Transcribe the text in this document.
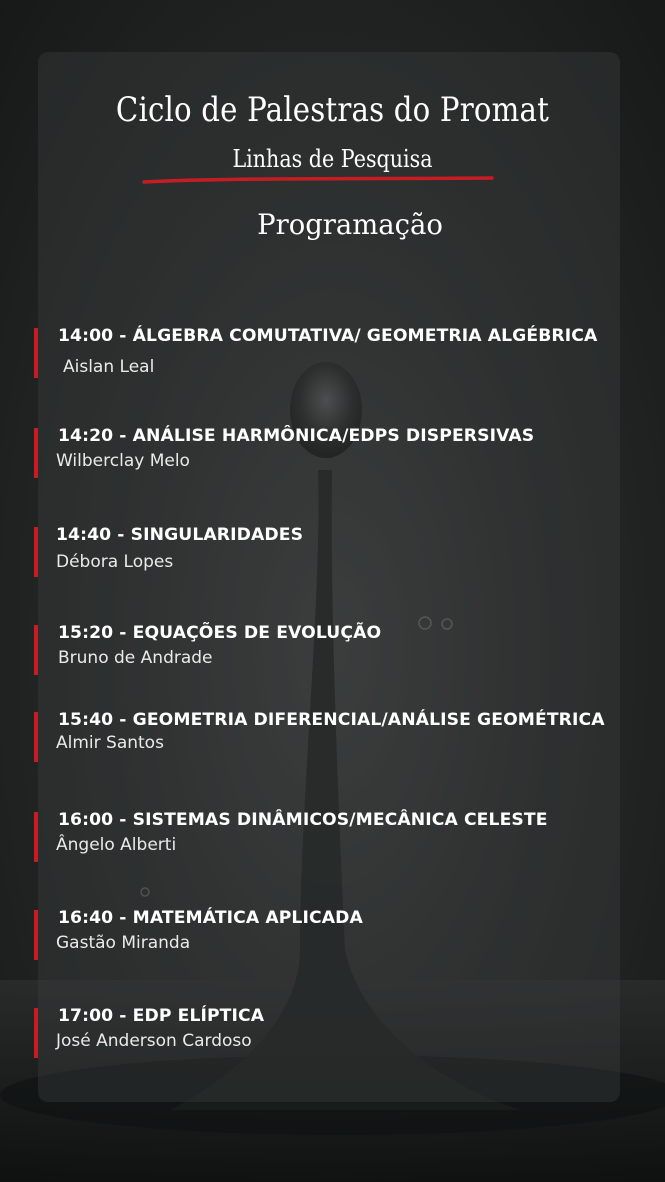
Ciclo de Palestras do Promat
Linhas de Pesquisa
Programação
14:00 - ÁLGEBRA COMUTATIVA/ GEOMETRIA ALGÉBRICA
Aislan Leal
14:20 - ANÁLISE HARMÔNICA/EDPS DISPERSIVAS
Wilberclay Melo
14:40 - SINGULARIDADES
Débora Lopes
15:20 - EQUAÇÕES DE EVOLUÇÃO
Bruno de Andrade
15:40 - GEOMETRIA DIFERENCIAL/ANÁLISE GEOMÉTRICA
Almir Santos
16:00 - SISTEMAS DINÂMICOS/MECÂNICA CELESTE
Ângelo Alberti
16:40 - MATEMÁTICA APLICADA
Gastão Miranda
17:00 - EDP ELÍPTICA
José Anderson Cardoso
